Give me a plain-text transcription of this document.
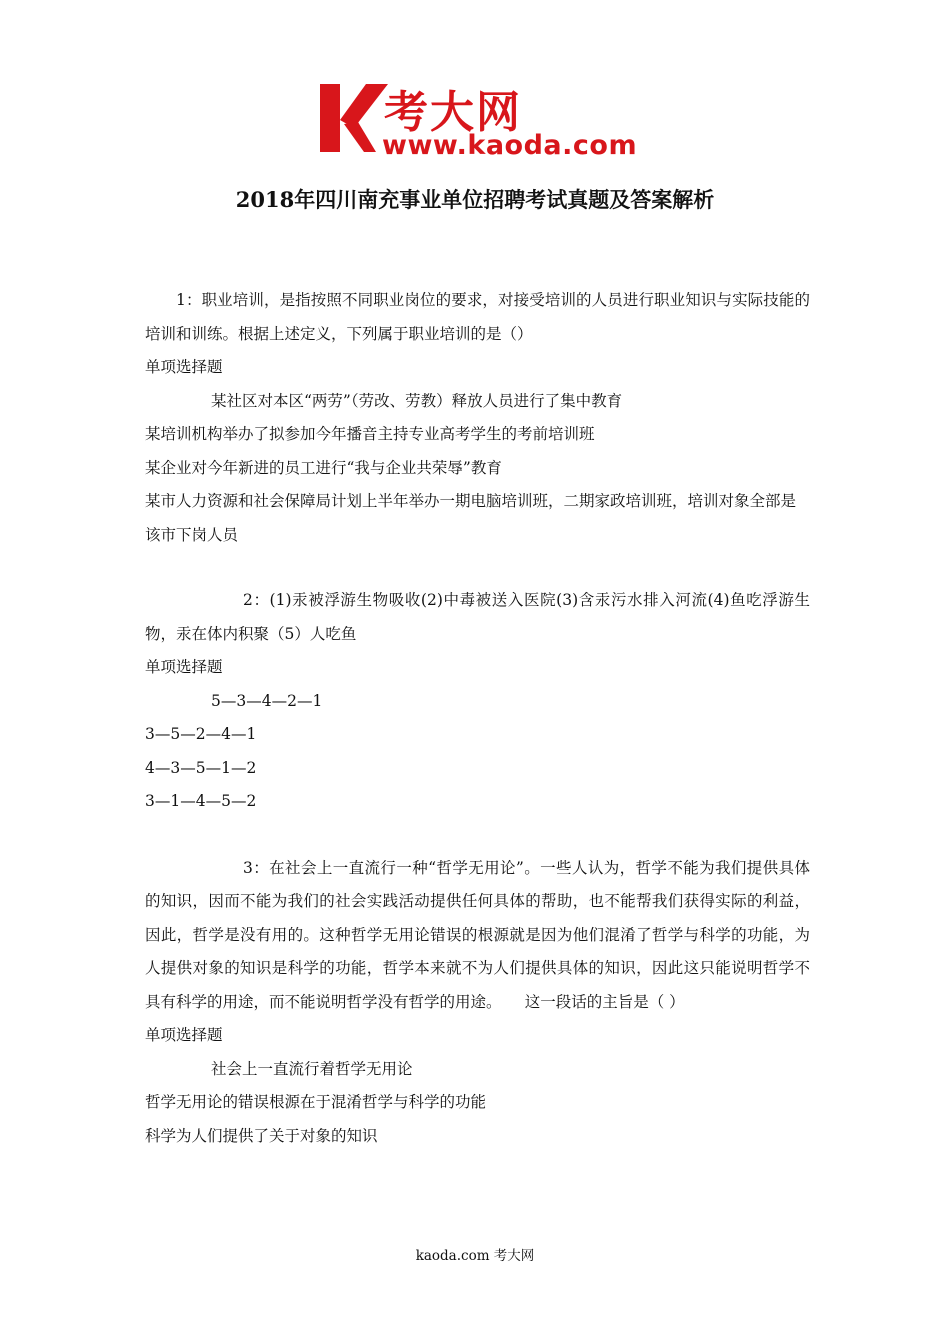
考大网
www.kaoda.com
2018年四川南充事业单位招聘考试真题及答案解析

1：职业培训，是指按照不同职业岗位的要求，对接受培训的人员进行职业知识与实际技能的培训和训练。根据上述定义，下列属于职业培训的是（）

单项选择题

某社区对本区“两劳”（劳改、劳教）释放人员进行了集中教育

某培训机构举办了拟参加今年播音主持专业高考学生的考前培训班

某企业对今年新进的员工进行“我与企业共荣辱”教育

某市人力资源和社会保障局计划上半年举办一期电脑培训班，二期家政培训班，培训对象全部是该市下岗人员

2：(1)汞被浮游生物吸收(2)中毒被送入医院(3)含汞污水排入河流(4)鱼吃浮游生物，汞在体内积聚（5）人吃鱼

单项选择题

5—3—4—2—1

3—5—2—4—1

4—3—5—1—2

3—1—4—5—2

3：在社会上一直流行一种“哲学无用论”。一些人认为，哲学不能为我们提供具体的知识，因而不能为我们的社会实践活动提供任何具体的帮助，也不能帮我们获得实际的利益，因此，哲学是没有用的。这种哲学无用论错误的根源就是因为他们混淆了哲学与科学的功能，为人提供对象的知识是科学的功能，哲学本来就不为人们提供具体的知识，因此这只能说明哲学不具有科学的用途，而不能说明哲学没有哲学的用途。　　这一段话的主旨是（ ）

单项选择题

社会上一直流行着哲学无用论

哲学无用论的错误根源在于混淆哲学与科学的功能

科学为人们提供了关于对象的知识

kaoda.com 考大网
